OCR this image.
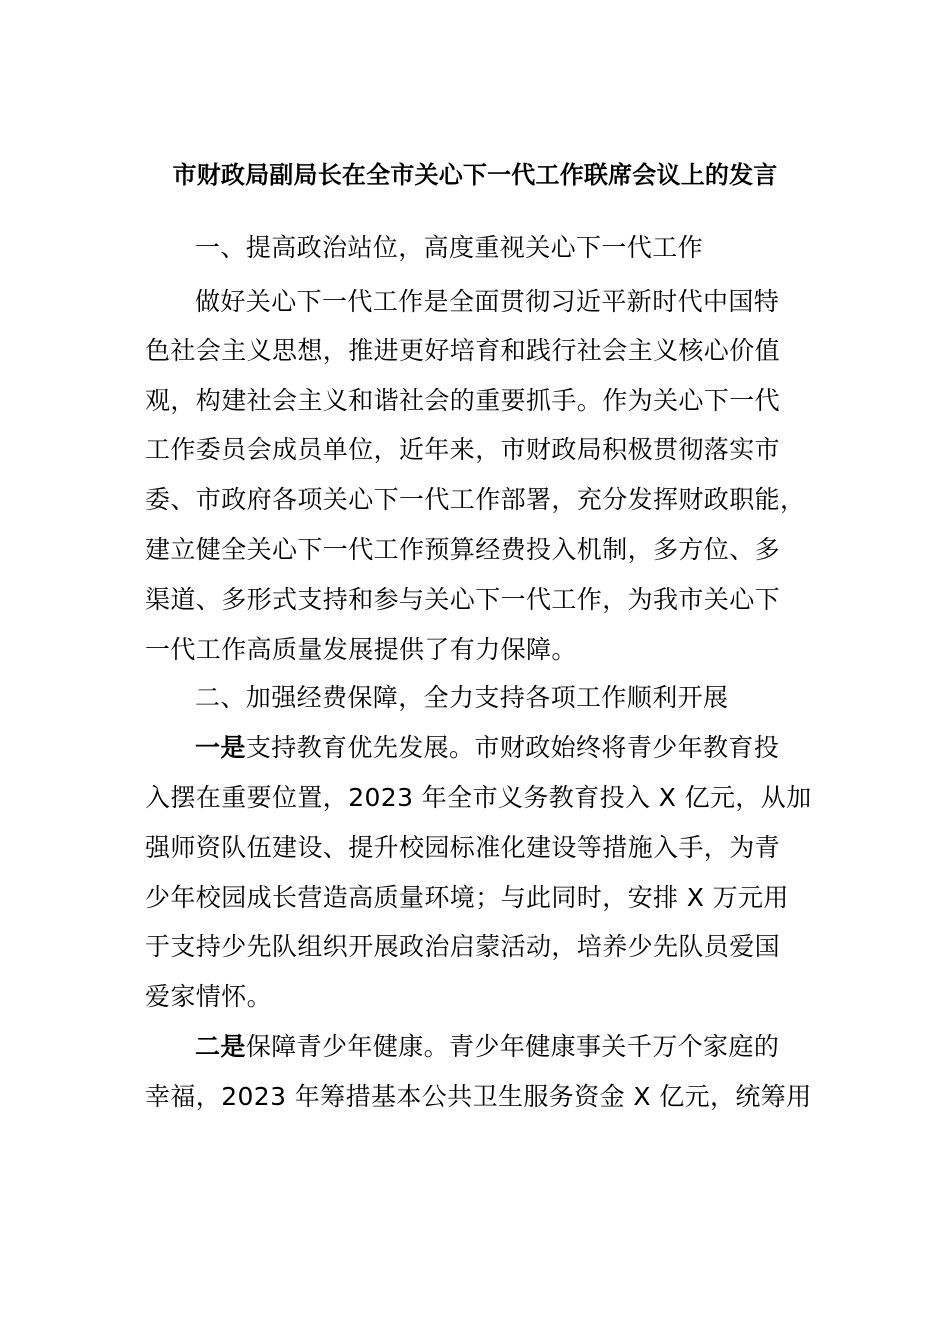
市财政局副局长在全市关心下一代工作联席会议上的发言
一、提高政治站位，高度重视关心下一代工作
做好关心下一代工作是全面贯彻习近平新时代中国特
色社会主义思想，推进更好培育和践行社会主义核心价值
观，构建社会主义和谐社会的重要抓手。作为关心下一代
工作委员会成员单位，近年来，市财政局积极贯彻落实市
委、市政府各项关心下一代工作部署，充分发挥财政职能，
建立健全关心下一代工作预算经费投入机制，多方位、多
渠道、多形式支持和参与关心下一代工作，为我市关心下
一代工作高质量发展提供了有力保障。
二、加强经费保障，全力支持各项工作顺利开展
一是支持教育优先发展。市财政始终将青少年教育投
入摆在重要位置，2023 年全市义务教育投入 X 亿元，从加
强师资队伍建设、提升校园标准化建设等措施入手，为青
少年校园成长营造高质量环境；与此同时，安排 X 万元用
于支持少先队组织开展政治启蒙活动，培养少先队员爱国
爱家情怀。
二是保障青少年健康。青少年健康事关千万个家庭的
幸福，2023 年筹措基本公共卫生服务资金 X 亿元，统筹用
